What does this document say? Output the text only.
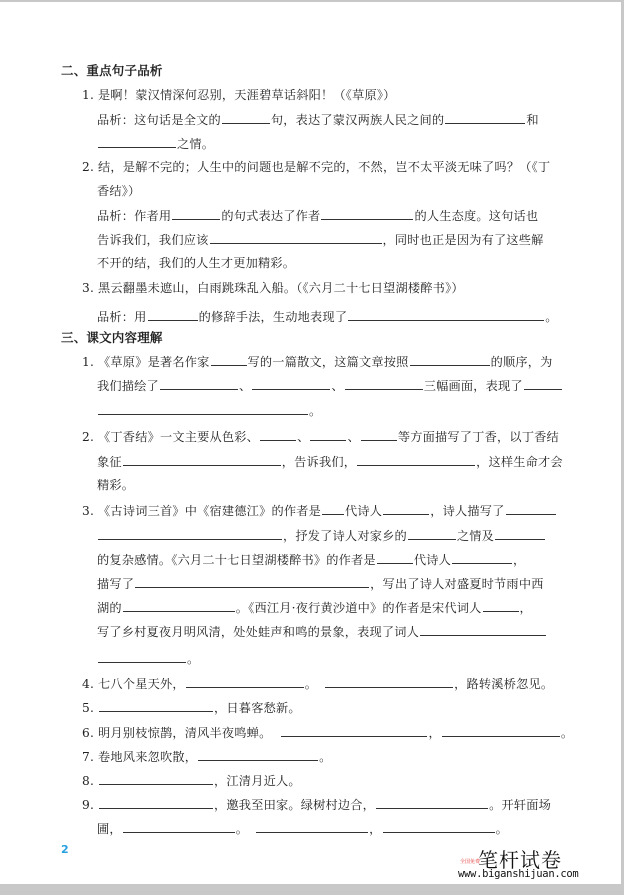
二、重点句子品析
1. 是啊！蒙汉情深何忍别，天涯碧草话斜阳！（《草原》）
品析：这句话是全文的	句，表达了蒙汉两族人民之间的	和
之情。
2. 结，是解不完的；人生中的问题也是解不完的，不然，岂不太平淡无味了吗？（《丁
香结》）
品析：作者用	的句式表达了作者	的人生态度。这句话也
告诉我们，我们应该	，同时也正是因为有了这些解
不开的结，我们的人生才更加精彩。
3. 黑云翻墨未遮山，白雨跳珠乱入船。（《六月二十七日望湖楼醉书》）
品析：用	的修辞手法，生动地表现了	。
三、课文内容理解
1. 《草原》是著名作家	写的一篇散文，这篇文章按照	的顺序，为
我们描绘了	、	、	三幅画面，表现了
。
2. 《丁香结》一文主要从色彩、	、	、	等方面描写了丁香，以丁香结
象征	，告诉我们，	，这样生命才会
精彩。
3. 《古诗词三首》中《宿建德江》的作者是 代诗人	，诗人描写了
，抒发了诗人对家乡的	之情及
的复杂感情。《六月二十七日望湖楼醉书》的作者是	代诗人	，
描写了	，写出了诗人对盛夏时节雨中西
湖的	。《西江月·夜行黄沙道中》的作者是宋代词人	，
写了乡村夏夜月明风清，处处蛙声和鸣的景象，表现了词人
。
4. 七八个星天外，	。	，路转溪桥忽见。
5.	，日暮客愁新。
6. 明月别枝惊鹊，清风半夜鸣蝉。	，	。
7. 卷地风来忽吹散，	。
8.	，江清月近人。
9.	，邀我至田家。绿树村边合，	。开轩面场
圃，	。	，	。
2
全国免费
笔杆试卷
www.biganshijuan.com
